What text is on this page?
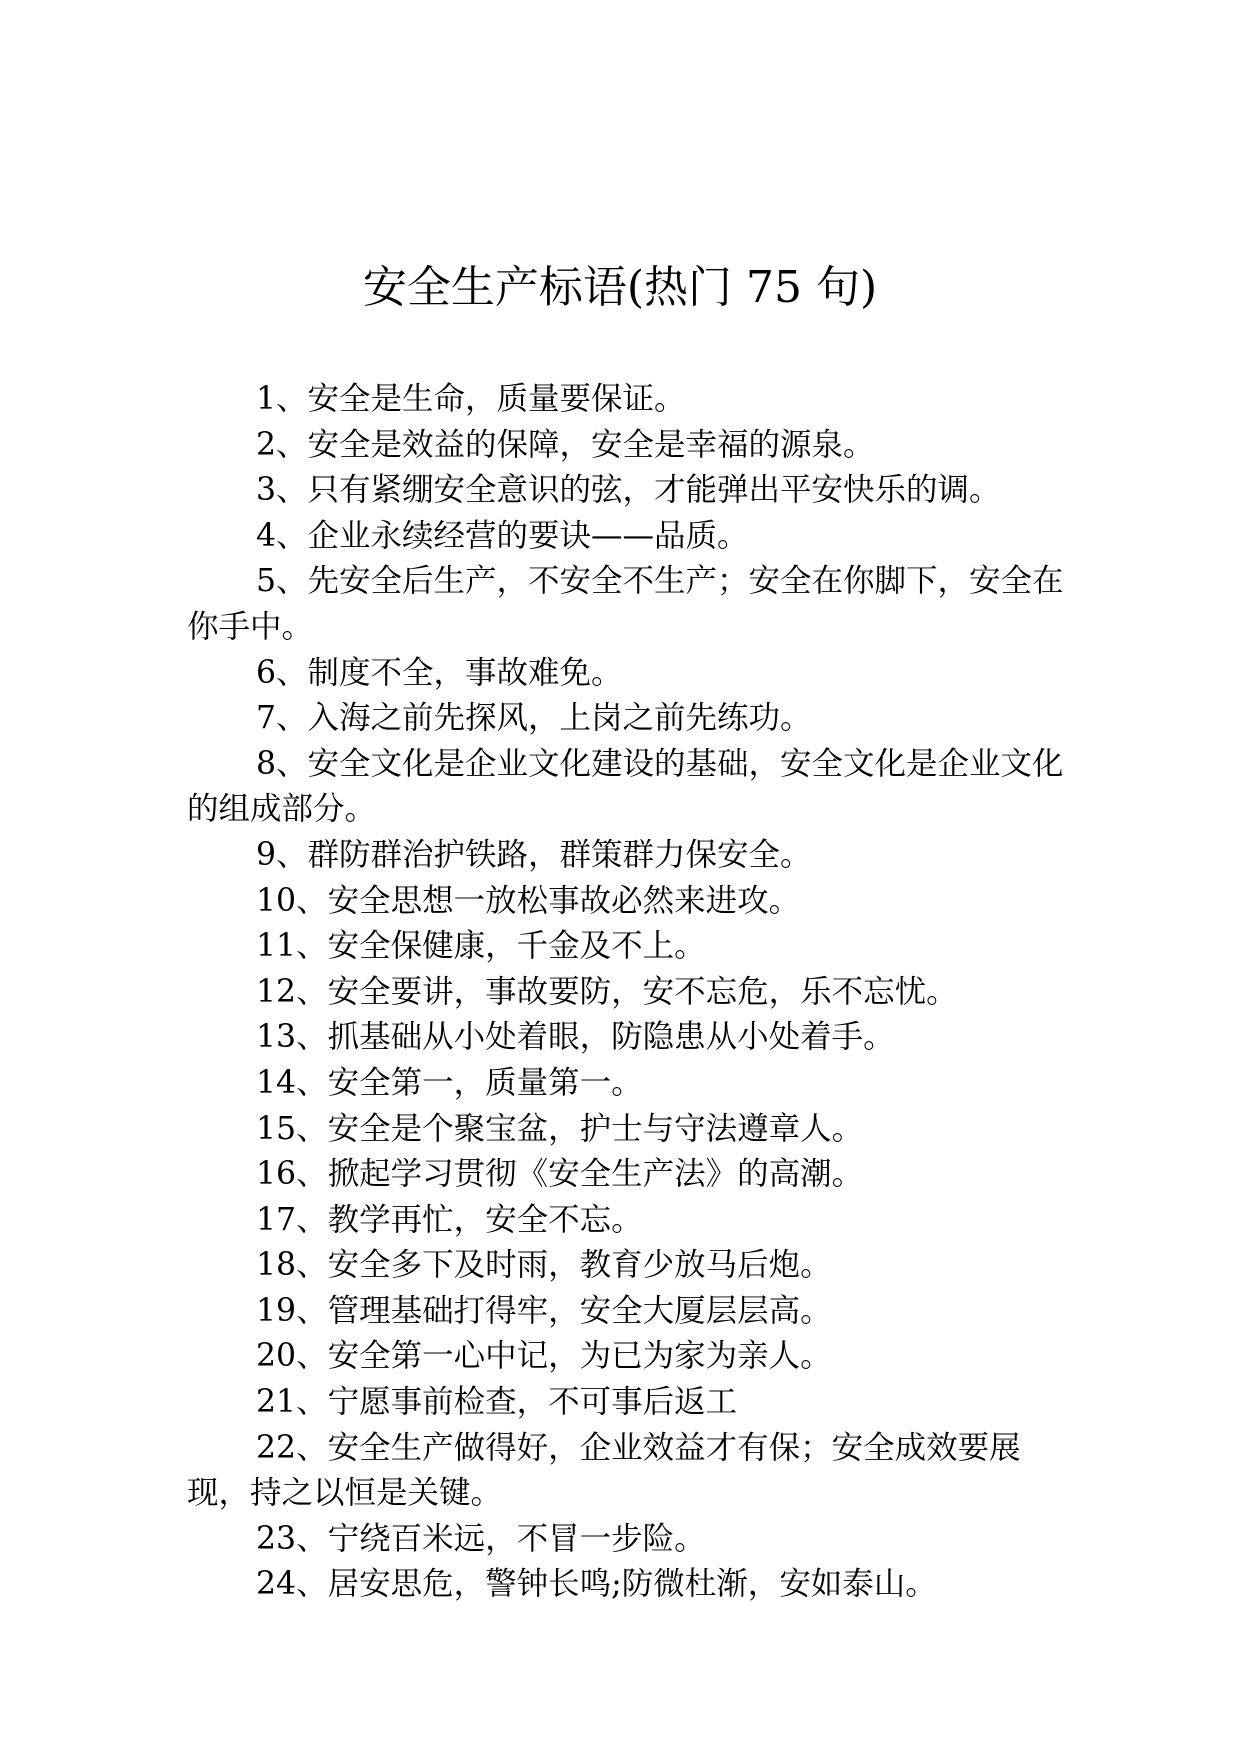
安全生产标语(热门 75 句)

1、安全是生命，质量要保证。

2、安全是效益的保障，安全是幸福的源泉。

3、只有紧绷安全意识的弦，才能弹出平安快乐的调。

4、企业永续经营的要诀——品质。

5、先安全后生产，不安全不生产；安全在你脚下，安全在你手中。

6、制度不全，事故难免。

7、入海之前先探风，上岗之前先练功。

8、安全文化是企业文化建设的基础，安全文化是企业文化的组成部分。

9、群防群治护铁路，群策群力保安全。

10、安全思想一放松事故必然来进攻。

11、安全保健康，千金及不上。

12、安全要讲，事故要防，安不忘危，乐不忘忧。

13、抓基础从小处着眼，防隐患从小处着手。

14、安全第一，质量第一。

15、安全是个聚宝盆，护士与守法遵章人。

16、掀起学习贯彻《安全生产法》的高潮。

17、教学再忙，安全不忘。

18、安全多下及时雨，教育少放马后炮。

19、管理基础打得牢，安全大厦层层高。

20、安全第一心中记，为已为家为亲人。

21、宁愿事前检查，不可事后返工

22、安全生产做得好，企业效益才有保；安全成效要展现，持之以恒是关键。

23、宁绕百米远，不冒一步险。

24、居安思危，警钟长鸣;防微杜渐，安如泰山。
